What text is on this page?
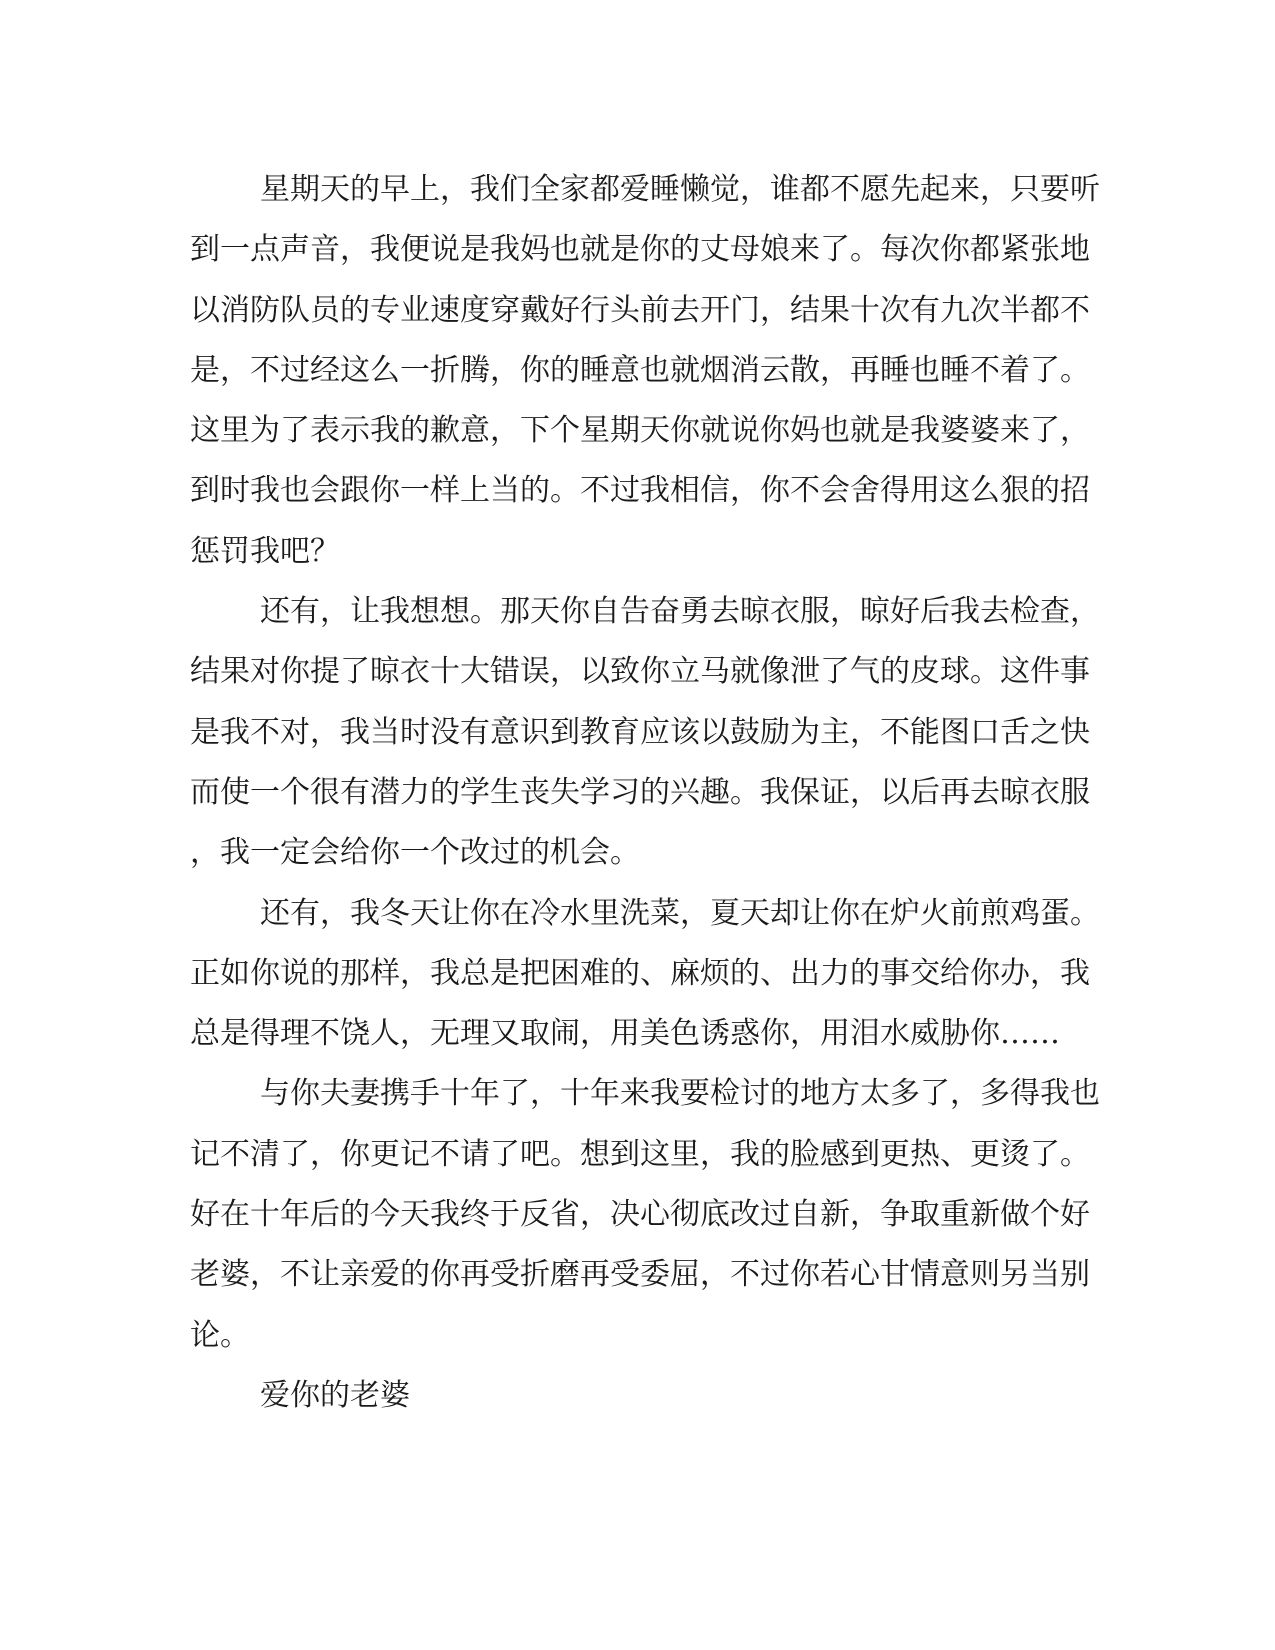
星期天的早上，我们全家都爱睡懒觉，谁都不愿先起来，只要听
到一点声音，我便说是我妈也就是你的丈母娘来了。每次你都紧张地
以消防队员的专业速度穿戴好行头前去开门，结果十次有九次半都不
是，不过经这么一折腾，你的睡意也就烟消云散，再睡也睡不着了。
这里为了表示我的歉意，下个星期天你就说你妈也就是我婆婆来了，
到时我也会跟你一样上当的。不过我相信，你不会舍得用这么狠的招
惩罚我吧？
还有，让我想想。那天你自告奋勇去晾衣服，晾好后我去检查，
结果对你提了晾衣十大错误，以致你立马就像泄了气的皮球。这件事
是我不对，我当时没有意识到教育应该以鼓励为主，不能图口舌之快
而使一个很有潜力的学生丧失学习的兴趣。我保证，以后再去晾衣服
，我一定会给你一个改过的机会。
还有，我冬天让你在冷水里洗菜，夏天却让你在炉火前煎鸡蛋。
正如你说的那样，我总是把困难的、麻烦的、出力的事交给你办，我
总是得理不饶人，无理又取闹，用美色诱惑你，用泪水威胁你……
与你夫妻携手十年了，十年来我要检讨的地方太多了，多得我也
记不清了，你更记不请了吧。想到这里，我的脸感到更热、更烫了。
好在十年后的今天我终于反省，决心彻底改过自新，争取重新做个好
老婆，不让亲爱的你再受折磨再受委屈，不过你若心甘情意则另当别
论。
爱你的老婆
